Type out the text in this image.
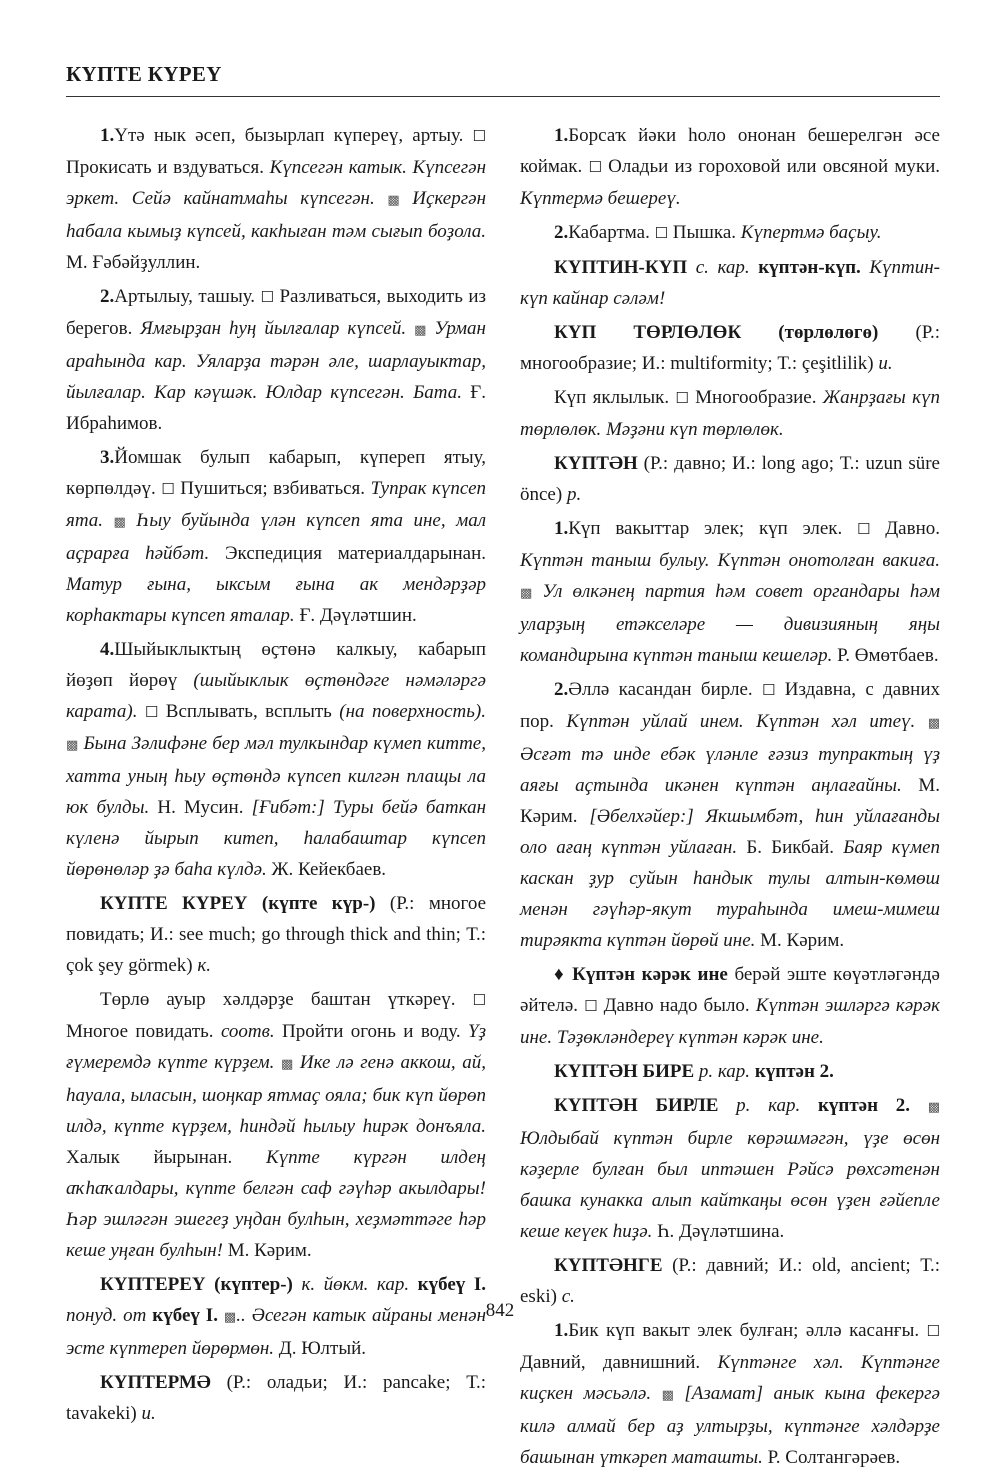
КҮПТЕ КҮРЕҮ

1.Үтә нык әсеп, бызырлап күпереү, артыу. ☐ Прокисать и вздуваться. Күпсегән катык. Күпсегән эркет. Сейә кайнатмаһы күпсегән. ▩ Иҫкергән һабала кымыҙ күпсей, какһыған тәм сығып боҙола. М. Ғәбәйҙуллин.

2.Артылыу, ташыу. ☐ Разливаться, выходить из берегов. Ямғырҙан һуң йылғалар күпсей. ▩ Урман араһында кар. Уяларҙа тәрән әле, шарлауыктар, йылғалар. Кар кәүшәк. Юлдар күпсегән. Бата. Ғ. Ибраһимов.

3.Йомшак булып кабарып, күпереп ятыу, көрпөлдәү. ☐ Пушиться; взбиваться. Тупрак күпсеп ята. ▩ Һыу буйында үлән күпсеп ята ине, мал аҫрарға һәйбәт. Экспедиция материалдарынан. Матур ғына, ыксым ғына ак мендәрҙәр корһактары күпсеп яталар. Ғ. Дәүләтшин.

4.Шыйыклыктың өҫтөнә калкыу, кабарып йөҙөп йөрөү (шыйыклык өҫтөндәге нәмәләргә карата). ☐ Всплывать, всплыть (на поверхность). ▩ Бына Зәлифәне бер мәл тулкындар күмеп китте, хатта уның һыу өҫтөндә күпсеп килгән плащы ла юк булды. Н. Мусин. [Ғибәт:] Туры бейә баткан күленә йырып китеп, һалабаштар күпсеп йөрөнөләр ҙә баһа күлдә. Ж. Кейекбаев.

КҮПТЕ КҮРЕҮ (күпте күр-) (Р.: многое повидать; И.: see much; go through thick and thin; Т.: çok şey görmek) к.

Төрлө ауыр хәлдәрҙе баштан үткәреү. ☐ Многое повидать. соотв. Пройти огонь и воду. Үҙ ғүмеремдә күпте күрҙем. ▩ Ике лә генә аккош, ай, һауала, ыласын, шоңкар ятмаҫ ояла; бик күп йөрөп илдә, күпте күрҙем, һиндәй һылыу һирәк донъяла. Халык йырынан. Күпте күргән илдең аҡһаҡалдары, күпте белгән саф гәүһәр акылдары! Һәр эшләгән эшегеҙ уңдан булһын, хеҙмәттәге һәр кеше уңған булһын! М. Кәрим.

КҮПТЕРЕҮ (күптер-) к. йөкм. кар. күбеү I. понуд. от күбеү I. ▩.. Әсегән катык айраны менән эсте күптереп йөрөрмөн. Д. Юлтый.

КҮПТЕРМӘ (Р.: оладьи; И.: pancake; Т.: tavakeki) и.

1.Борсаҡ йәки һоло ононан бешерелгән әсе коймак. ☐ Оладьи из гороховой или овсяной муки. Күптермә бешереү.

2.Кабартма. ☐ Пышка. Күпертмә баҫыу.

КҮПТИН-КҮП с. кар. күптән-күп. Күптин-күп кайнар сәләм!

КҮП ТӨРЛӨЛӨК (төрлөлөгө) (Р.: многообразие; И.: multiformity; Т.: çeşitlilik) и.

Күп яклылык. ☐ Многообразие. Жанрҙағы күп төрлөлөк. Мәҙәни күп төрлөлөк.

КҮПТӘН (Р.: давно; И.: long ago; Т.: uzun süre önce) р.

1.Күп вакыттар элек; күп элек. ☐ Давно. Күптән таныш булыу. Күптән онотолған вакиға. ▩ Ул өлкәнең партия һәм совет органдары һәм уларҙың етәкселәре — дивизияның яңы командирына күптән таныш кешеләр. Р. Өмөтбаев.

2.Әллә касандан бирле. ☐ Издавна, с давних пор. Күптән уйлай инем. Күптән хәл итеү. ▩ Әсғәт тә инде ебәк үләнле ғәзиз тупрактың үҙ аяғы аҫтында икәнен күптән аңлағайны. М. Кәрим. [Әбелхәйер:] Якшымбәт, һин уйлағанды оло ағаң күптән уйлаған. Б. Бикбай. Баяр күмеп каскан ҙур суйын һандык тулы алтын-көмөш менән гәүһәр-якут тураһында имеш-мимеш тирәякта күптән йөрөй ине. М. Кәрим.

♦ Күптән кәрәк ине берәй эште көүәтләгәндә әйтелә. ☐ Давно надо было. Күптән эшләргә кәрәк ине. Тәҙөкләндереү күптән кәрәк ине.

КҮПТӘН БИРЕ р. кар. күптән 2.

КҮПТӘН БИРЛЕ р. кар. күптән 2. ▩ Юлдыбай күптән бирле көрәшмәгән, үҙе өсөн кәҙерле булған был иптәшен Рәйсә рөхсәтенән башка кунакка алып кайткаңы өсөн үҙен ғәйепле кеше кеүек һиҙә. Һ. Дәүләтшина.

КҮПТӘНГЕ (Р.: давний; И.: old, ancient; Т.: eski) с.

1.Бик күп вакыт элек булған; әллә касанғы. ☐ Давний, давнишний. Күптәнге хәл. Күптәнге киҫкен мәсьәлә. ▩ [Азамат] анык кына фекергә килә алмай бер аҙ ултырҙы, күптәнге хәлдәрҙе башынан үткәреп маташты. Р. Солтангәрәев.

842
